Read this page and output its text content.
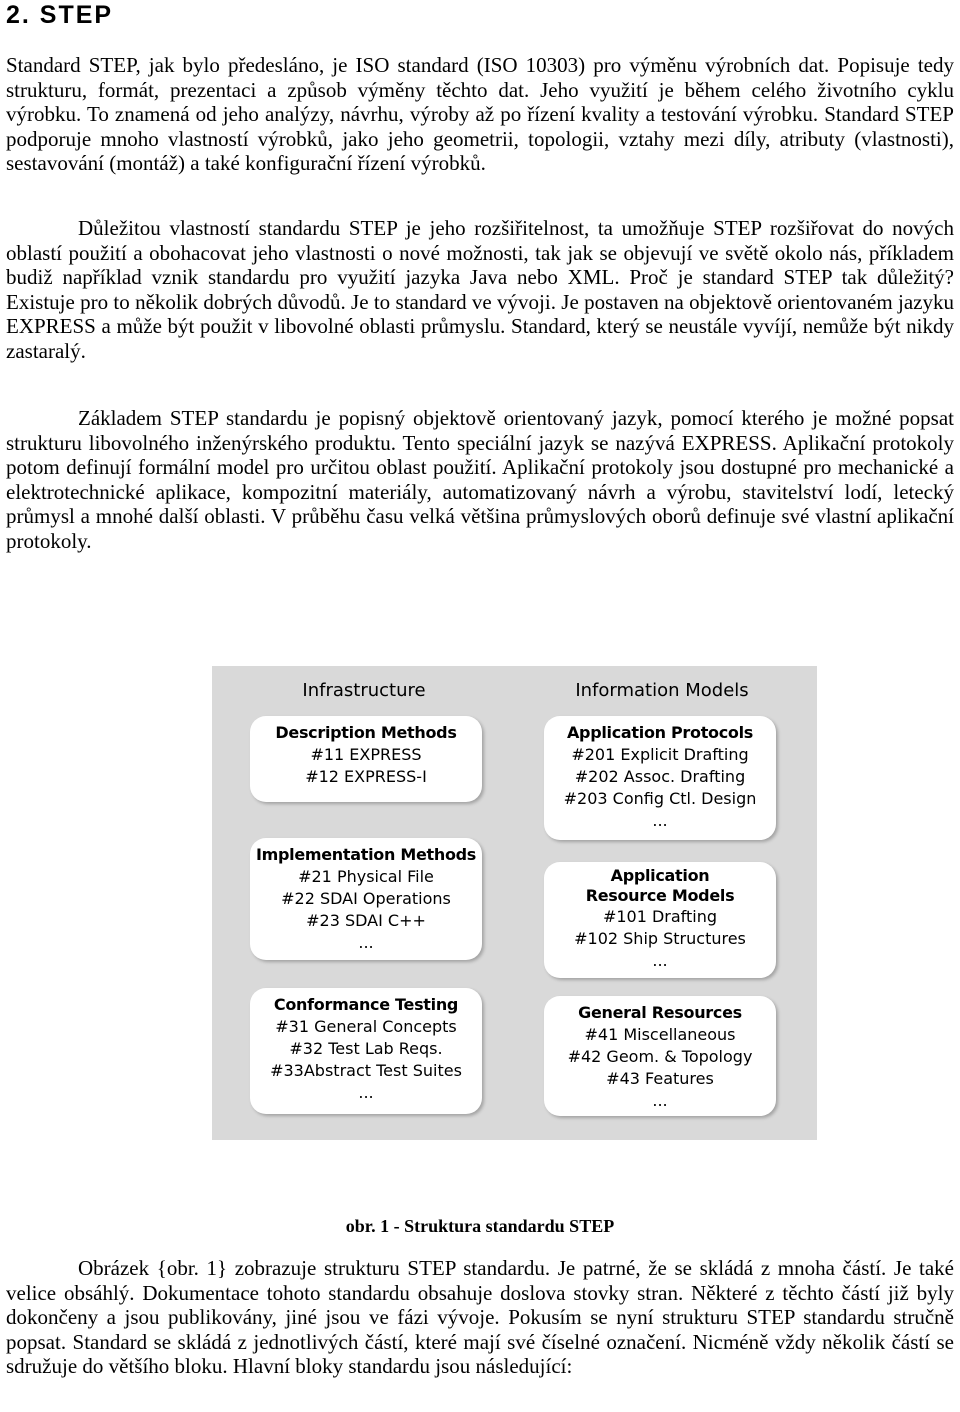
2. STEP

Standard STEP, jak bylo předesláno, je ISO standard (ISO 10303) pro výměnu výrobních dat. Popisuje tedy strukturu, formát, prezentaci a způsob výměny těchto dat. Jeho využití je během celého životního cyklu výrobku. To znamená od jeho analýzy, návrhu, výroby až po řízení kvality a testování výrobku. Standard STEP podporuje mnoho vlastností výrobků, jako jeho geometrii, topologii, vztahy mezi díly, atributy (vlastnosti), sestavování (montáž) a také konfigurační řízení výrobků.

Důležitou vlastností standardu STEP je jeho rozšiřitelnost, ta umožňuje STEP rozšiřovat do nových oblastí použití a obohacovat jeho vlastnosti o nové možnosti, tak jak se objevují ve světě okolo nás, příkladem budiž například vznik standardu pro využití jazyka Java nebo XML. Proč je standard STEP tak důležitý? Existuje pro to několik dobrých důvodů. Je to standard ve vývoji. Je postaven na objektově orientovaném jazyku EXPRESS a může být použit v libovolné oblasti průmyslu. Standard, který se neustále vyvíjí, nemůže být nikdy zastaralý.

Základem STEP standardu je popisný objektově orientovaný jazyk, pomocí kterého je možné popsat strukturu libovolného inženýrského produktu. Tento speciální jazyk se nazývá EXPRESS. Aplikační protokoly potom definují formální model pro určitou oblast použití. Aplikační protokoly jsou dostupné pro mechanické a elektrotechnické aplikace, kompozitní materiály, automatizovaný návrh a výrobu, stavitelství lodí, letecký průmysl a mnohé další oblasti. V průběhu času velká většina průmyslových oborů definuje své vlastní aplikační protokoly.

Infrastructure	Information Models
Description Methods
#11 EXPRESS
#12 EXPRESS-I
Implementation Methods
#21 Physical File
#22 SDAI Operations
#23 SDAI C++
...
Conformance Testing
#31 General Concepts
#32 Test Lab Reqs.
#33Abstract Test Suites
...
Application Protocols
#201 Explicit Drafting
#202 Assoc. Drafting
#203 Config Ctl. Design
...
Application
Resource Models
#101 Drafting
#102 Ship Structures
...
General Resources
#41 Miscellaneous
#42 Geom. & Topology
#43 Features
...
obr. 1 - Struktura standardu STEP

Obrázek {obr. 1} zobrazuje strukturu STEP standardu. Je patrné, že se skládá z mnoha částí. Je také velice obsáhlý. Dokumentace tohoto standardu obsahuje doslova stovky stran. Některé z těchto částí již byly dokončeny a jsou publikovány, jiné jsou ve fázi vývoje. Pokusím se nyní strukturu STEP standardu stručně popsat. Standard se skládá z jednotlivých částí, které mají své číselné označení. Nicméně vždy několik částí se sdružuje do většího bloku. Hlavní bloky standardu jsou následující:
